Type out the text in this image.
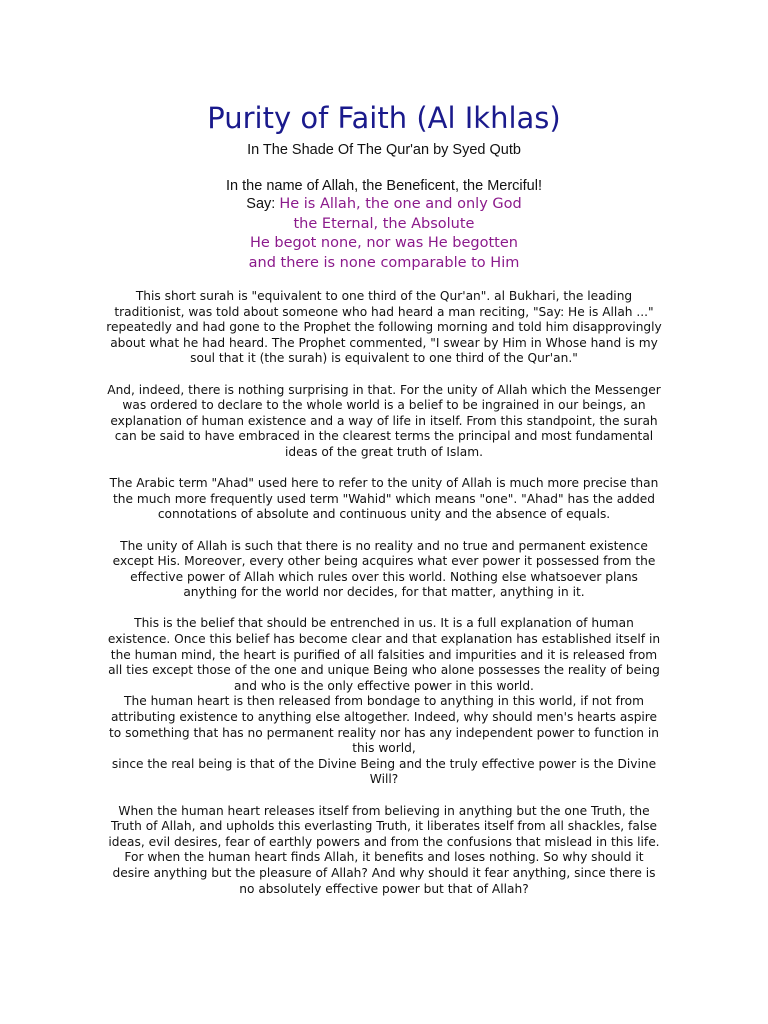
Purity of Faith (Al Ikhlas)
In The Shade Of The Qur'an by Syed Qutb
In the name of Allah, the Beneficent, the Merciful!
Say: He is Allah, the one and only God
the Eternal, the Absolute
He begot none, nor was He begotten
and there is none comparable to Him

This short surah is "equivalent to one third of the Qur'an". al Bukhari, the leading traditionist, was told about someone who had heard a man reciting, "Say: He is Allah ..." repeatedly and had gone to the Prophet the following morning and told him disapprovingly about what he had heard. The Prophet commented, "I swear by Him in Whose hand is my soul that it (the surah) is equivalent to one third of the Qur'an."

And, indeed, there is nothing surprising in that. For the unity of Allah which the Messenger was ordered to declare to the whole world is a belief to be ingrained in our beings, an explanation of human existence and a way of life in itself. From this standpoint, the surah can be said to have embraced in the clearest terms the principal and most fundamental ideas of the great truth of Islam.

The Arabic term "Ahad" used here to refer to the unity of Allah is much more precise than the much more frequently used term "Wahid" which means "one". "Ahad" has the added connotations of absolute and continuous unity and the absence of equals.

The unity of Allah is such that there is no reality and no true and permanent existence except His. Moreover, every other being acquires what ever power it possessed from the effective power of Allah which rules over this world. Nothing else whatsoever plans anything for the world nor decides, for that matter, anything in it.

This is the belief that should be entrenched in us. It is a full explanation of human existence. Once this belief has become clear and that explanation has established itself in the human mind, the heart is purified of all falsities and impurities and it is released from all ties except those of the one and unique Being who alone possesses the reality of being and who is the only effective power in this world.

The human heart is then released from bondage to anything in this world, if not from attributing existence to anything else altogether. Indeed, why should men's hearts aspire to something that has no permanent reality nor has any independent power to function in this world,

since the real being is that of the Divine Being and the truly effective power is the Divine Will?

When the human heart releases itself from believing in anything but the one Truth, the Truth of Allah, and upholds this everlasting Truth, it liberates itself from all shackles, false ideas, evil desires, fear of earthly powers and from the confusions that mislead in this life.

For when the human heart finds Allah, it benefits and loses nothing. So why should it desire anything but the pleasure of Allah? And why should it fear anything, since there is no absolutely effective power but that of Allah?
